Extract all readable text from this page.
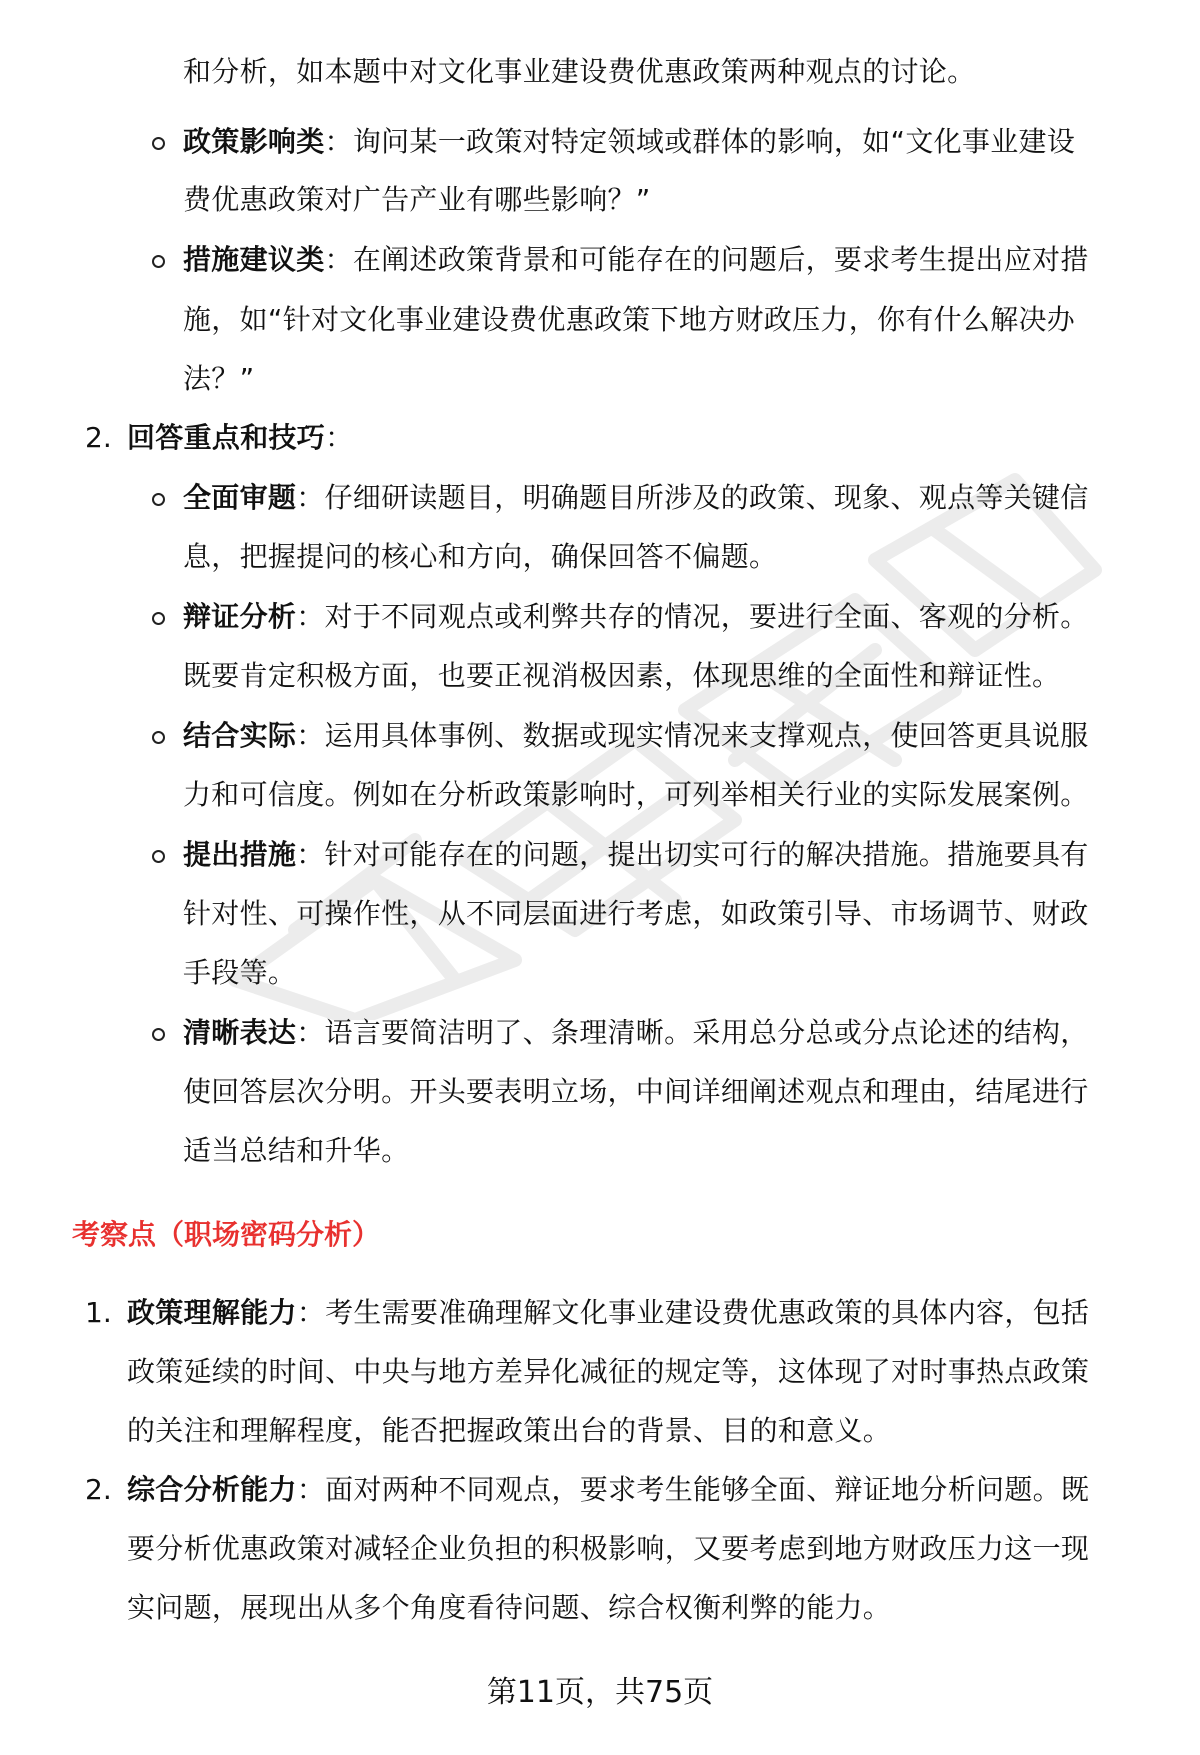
和分析，如本题中对文化事业建设费优惠政策两种观点的讨论。
政策影响类：询问某一政策对特定领域或群体的影响，如“文化事业建设
费优惠政策对广告产业有哪些影响？”
措施建议类：在阐述政策背景和可能存在的问题后，要求考生提出应对措
施，如“针对文化事业建设费优惠政策下地方财政压力，你有什么解决办
法？”
2. 回答重点和技巧：
全面审题：仔细研读题目，明确题目所涉及的政策、现象、观点等关键信
息，把握提问的核心和方向，确保回答不偏题。
辩证分析：对于不同观点或利弊共存的情况，要进行全面、客观的分析。
既要肯定积极方面，也要正视消极因素，体现思维的全面性和辩证性。
结合实际：运用具体事例、数据或现实情况来支撑观点，使回答更具说服
力和可信度。例如在分析政策影响时，可列举相关行业的实际发展案例。
提出措施：针对可能存在的问题，提出切实可行的解决措施。措施要具有
针对性、可操作性，从不同层面进行考虑，如政策引导、市场调节、财政
手段等。
清晰表达：语言要简洁明了、条理清晰。采用总分总或分点论述的结构，
使回答层次分明。开头要表明立场，中间详细阐述观点和理由，结尾进行
适当总结和升华。
考察点（职场密码分析）
1. 政策理解能力：考生需要准确理解文化事业建设费优惠政策的具体内容，包括
政策延续的时间、中央与地方差异化减征的规定等，这体现了对时事热点政策
的关注和理解程度，能否把握政策出台的背景、目的和意义。
2. 综合分析能力：面对两种不同观点，要求考生能够全面、辩证地分析问题。既
要分析优惠政策对减轻企业负担的积极影响，又要考虑到地方财政压力这一现
实问题，展现出从多个角度看待问题、综合权衡利弊的能力。
第11页，共75页
